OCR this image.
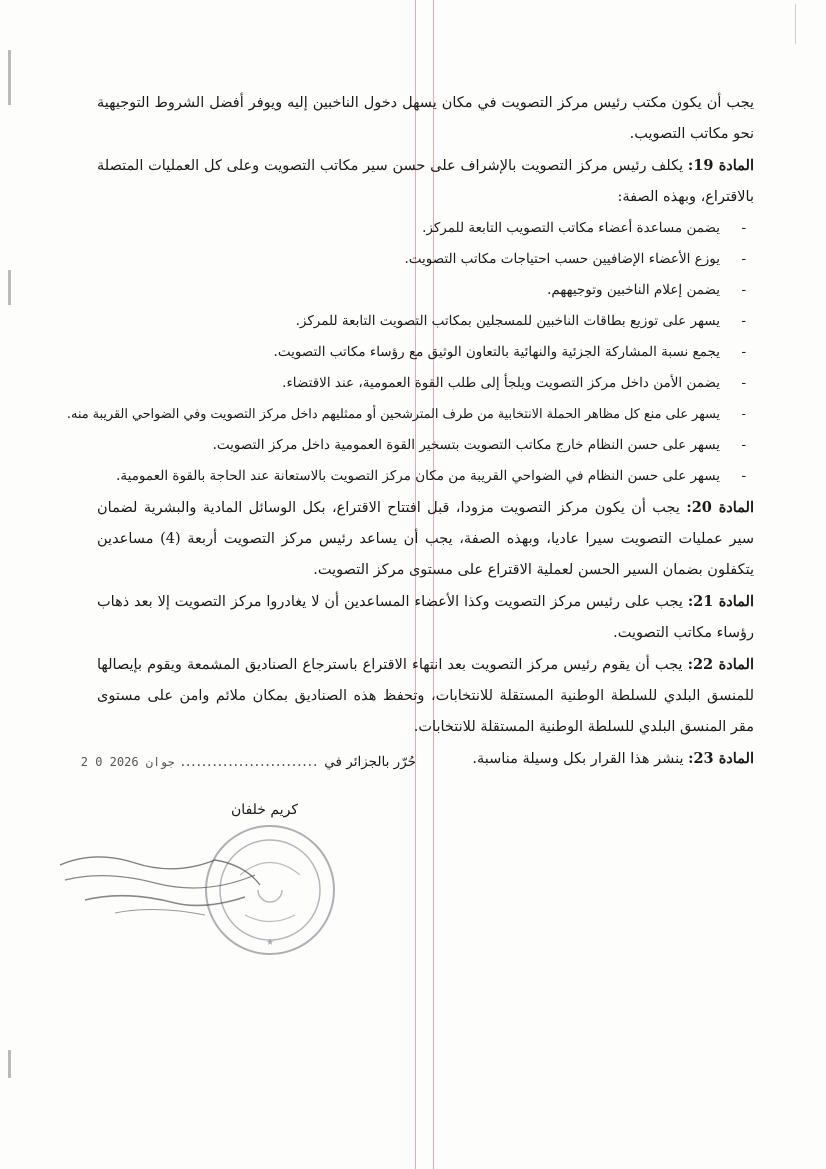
يجب أن يكون مكتب رئيس مركز التصويت في مكان يسهل دخول الناخبين إليه ويوفر أفضل الشروط التوجيهية نحو مكاتب التصويب.

المادة 19: يكلف رئيس مركز التصويت بالإشراف على حسن سير مكاتب التصويت وعلى كل العمليات المتصلة بالاقتراع، وبهذه الصفة:

- يضمن مساعدة أعضاء مكاتب التصويب التابعة للمركز.
- يوزع الأعضاء الإضافيين حسب احتياجات مكاتب التصويت.
- يضمن إعلام الناخبين وتوجيههم.
- يسهر على توزيع بطاقات الناخبين للمسجلين بمكاتب التصويت التابعة للمركز.
- يجمع نسبة المشاركة الجزئية والنهائية بالتعاون الوثيق مع رؤساء مكاتب التصويت.
- يضمن الأمن داخل مركز التصويت ويلجأ إلى طلب القوة العمومية، عند الاقتضاء.
- يسهر على منع كل مظاهر الحملة الانتخابية من طرف المترشحين أو ممثليهم داخل مركز التصويت وفي الضواحي القريبة منه.
- يسهر على حسن النظام خارج مكاتب التصويت بتسخير القوة العمومية داخل مركز التصويت.
- يسهر على حسن النظام في الضواحي القريبة من مكان مركز التصويت بالاستعانة عند الحاجة بالقوة العمومية.

المادة 20: يجب أن يكون مركز التصويت مزودا، قبل افتتاح الاقتراع، بكل الوسائل المادية والبشرية لضمان سير عمليات التصويت سيرا عاديا، وبهذه الصفة، يجب أن يساعد رئيس مركز التصويت أربعة (4) مساعدين يتكفلون بضمان السير الحسن لعملية الاقتراع على مستوى مركز التصويت.

المادة 21: يجب على رئيس مركز التصويت وكذا الأعضاء المساعدين أن لا يغادروا مركز التصويت إلا بعد ذهاب رؤساء مكاتب التصويت.

المادة 22: يجب أن يقوم رئيس مركز التصويت بعد انتهاء الاقتراع باسترجاع الصناديق المشمعة ويقوم بإيصالها للمنسق البلدي للسلطة الوطنية المستقلة للانتخابات، وتحفظ هذه الصناديق بمكان ملائم وامن على مستوى مقر المنسق البلدي للسلطة الوطنية المستقلة للانتخابات.

المادة 23: ينشر هذا القرار بكل وسيلة مناسبة.

حُرّر بالجزائر في
..........................
2 0 جوان 2026
كريم خلفان
★
